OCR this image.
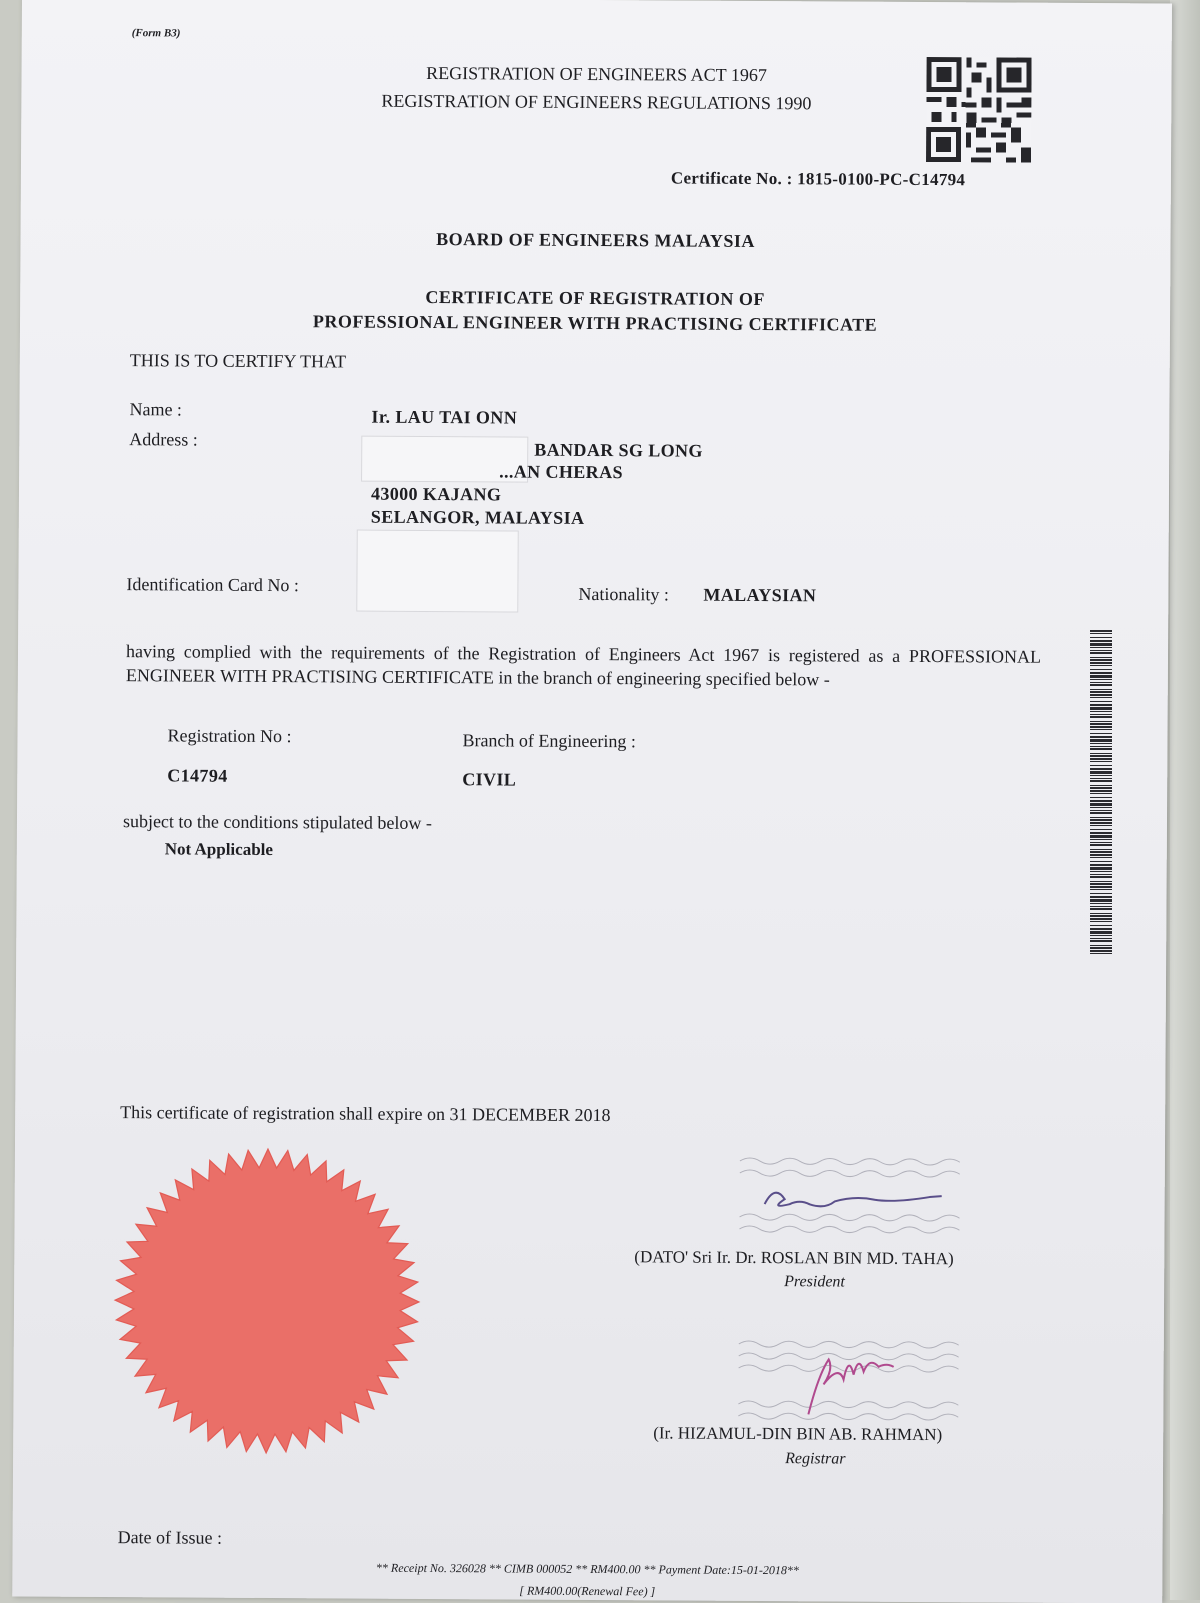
(Form B3)
REGISTRATION OF ENGINEERS ACT 1967
REGISTRATION OF ENGINEERS REGULATIONS 1990
Certificate No. : 1815-0100-PC-C14794
BOARD OF ENGINEERS MALAYSIA
CERTIFICATE OF REGISTRATION OF
PROFESSIONAL ENGINEER WITH PRACTISING CERTIFICATE
THIS IS TO CERTIFY THAT
Name :	Ir. LAU TAI ONN
Address :
BANDAR SG LONG
...AN CHERAS
43000 KAJANG
SELANGOR, MALAYSIA
Identification Card No :	Nationality : MALAYSIAN
having complied with the requirements of the Registration of Engineers Act 1967 is registered as a PROFESSIONAL ENGINEER WITH PRACTISING CERTIFICATE in the branch of engineering specified below -
Registration No :	Branch of Engineering :
C14794	CIVIL
subject to the conditions stipulated below -
Not Applicable
This certificate of registration shall expire on 31 DECEMBER 2018
(DATO' Sri Ir. Dr. ROSLAN BIN MD. TAHA)
President
(Ir. HIZAMUL-DIN BIN AB. RAHMAN)
Registrar
Date of Issue :
** Receipt No. 326028 ** CIMB 000052 ** RM400.00 ** Payment Date:15-01-2018**
[ RM400.00(Renewal Fee) ]
